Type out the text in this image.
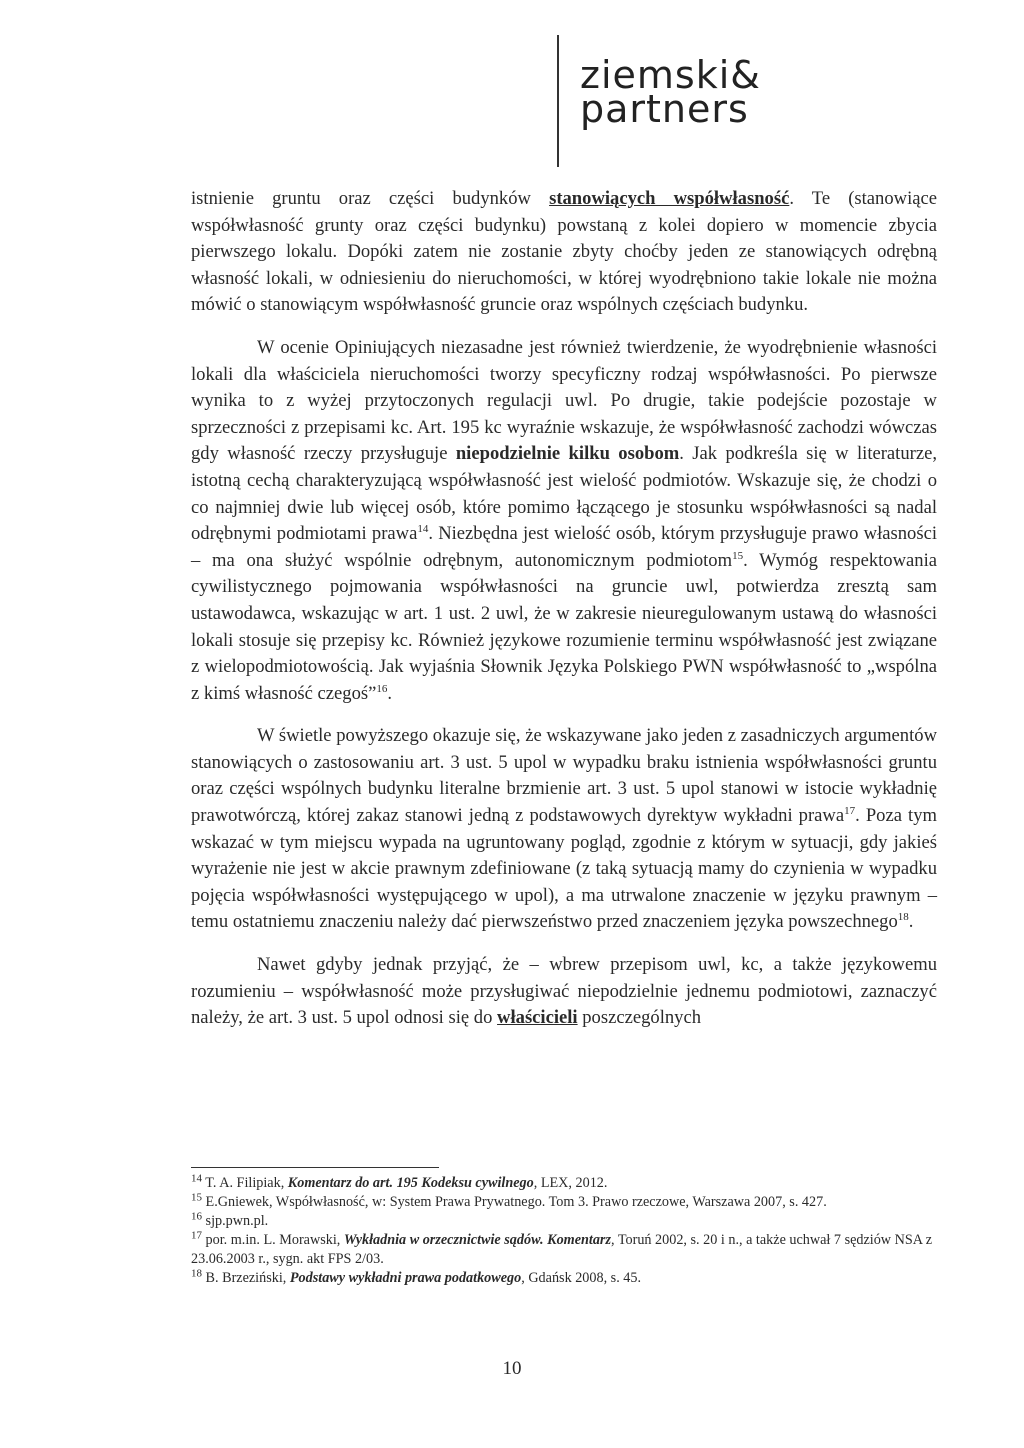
ziemski&
partners

istnienie gruntu oraz części budynków stanowiących współwłasność. Te (stanowiące współwłasność grunty oraz części budynku) powstaną z kolei dopiero w momencie zbycia pierwszego lokalu. Dopóki zatem nie zostanie zbyty choćby jeden ze stanowiących odrębną własność lokali, w odniesieniu do nieruchomości, w której wyodrębniono takie lokale nie można mówić o stanowiącym współwłasność gruncie oraz wspólnych częściach budynku.

W ocenie Opiniujących niezasadne jest również twierdzenie, że wyodrębnienie własności lokali dla właściciela nieruchomości tworzy specyficzny rodzaj współwłasności. Po pierwsze wynika to z wyżej przytoczonych regulacji uwl. Po drugie, takie podejście pozostaje w sprzeczności z przepisami kc. Art. 195 kc wyraźnie wskazuje, że współwłasność zachodzi wówczas gdy własność rzeczy przysługuje niepodzielnie kilku osobom. Jak podkreśla się w literaturze, istotną cechą charakteryzującą współwłasność jest wielość podmiotów. Wskazuje się, że chodzi o co najmniej dwie lub więcej osób, które pomimo łączącego je stosunku współwłasności są nadal odrębnymi podmiotami prawa$^{14}$. Niezbędna jest wielość osób, którym przysługuje prawo własności – ma ona służyć wspólnie odrębnym, autonomicznym podmiotom$^{15}$. Wymóg respektowania cywilistycznego pojmowania współwłasności na gruncie uwl, potwierdza zresztą sam ustawodawca, wskazując w art. 1 ust. 2 uwl, że w zakresie nieuregulowanym ustawą do własności lokali stosuje się przepisy kc. Również językowe rozumienie terminu współwłasność jest związane z wielopodmiotowością. Jak wyjaśnia Słownik Języka Polskiego PWN współwłasność to „wspólna z kimś własność czegoś”$^{16}$.

W świetle powyższego okazuje się, że wskazywane jako jeden z zasadniczych argumentów stanowiących o zastosowaniu art. 3 ust. 5 upol w wypadku braku istnienia współwłasności gruntu oraz części wspólnych budynku literalne brzmienie art. 3 ust. 5 upol stanowi w istocie wykładnię prawotwórczą, której zakaz stanowi jedną z podstawowych dyrektyw wykładni prawa$^{17}$. Poza tym wskazać w tym miejscu wypada na ugruntowany pogląd, zgodnie z którym w sytuacji, gdy jakieś wyrażenie nie jest w akcie prawnym zdefiniowane (z taką sytuacją mamy do czynienia w wypadku pojęcia współwłasności występującego w upol), a ma utrwalone znaczenie w języku prawnym – temu ostatniemu znaczeniu należy dać pierwszeństwo przed znaczeniem języka powszechnego$^{18}$.

Nawet gdyby jednak przyjąć, że – wbrew przepisom uwl, kc, a także językowemu rozumieniu – współwłasność może przysługiwać niepodzielnie jednemu podmiotowi, zaznaczyć należy, że art. 3 ust. 5 upol odnosi się do właścicieli poszczególnych

$^{14}$ T. A. Filipiak, Komentarz do art. 195 Kodeksu cywilnego, LEX, 2012.
$^{15}$ E.Gniewek, Współwłasność, w: System Prawa Prywatnego. Tom 3. Prawo rzeczowe, Warszawa 2007, s. 427.
$^{16}$ sjp.pwn.pl.
$^{17}$ por. m.in. L. Morawski, Wykładnia w orzecznictwie sądów. Komentarz, Toruń 2002, s. 20 i n., a także uchwał 7 sędziów NSA z 23.06.2003 r., sygn. akt FPS 2/03.
$^{18}$ B. Brzeziński, Podstawy wykładni prawa podatkowego, Gdańsk 2008, s. 45.
10
